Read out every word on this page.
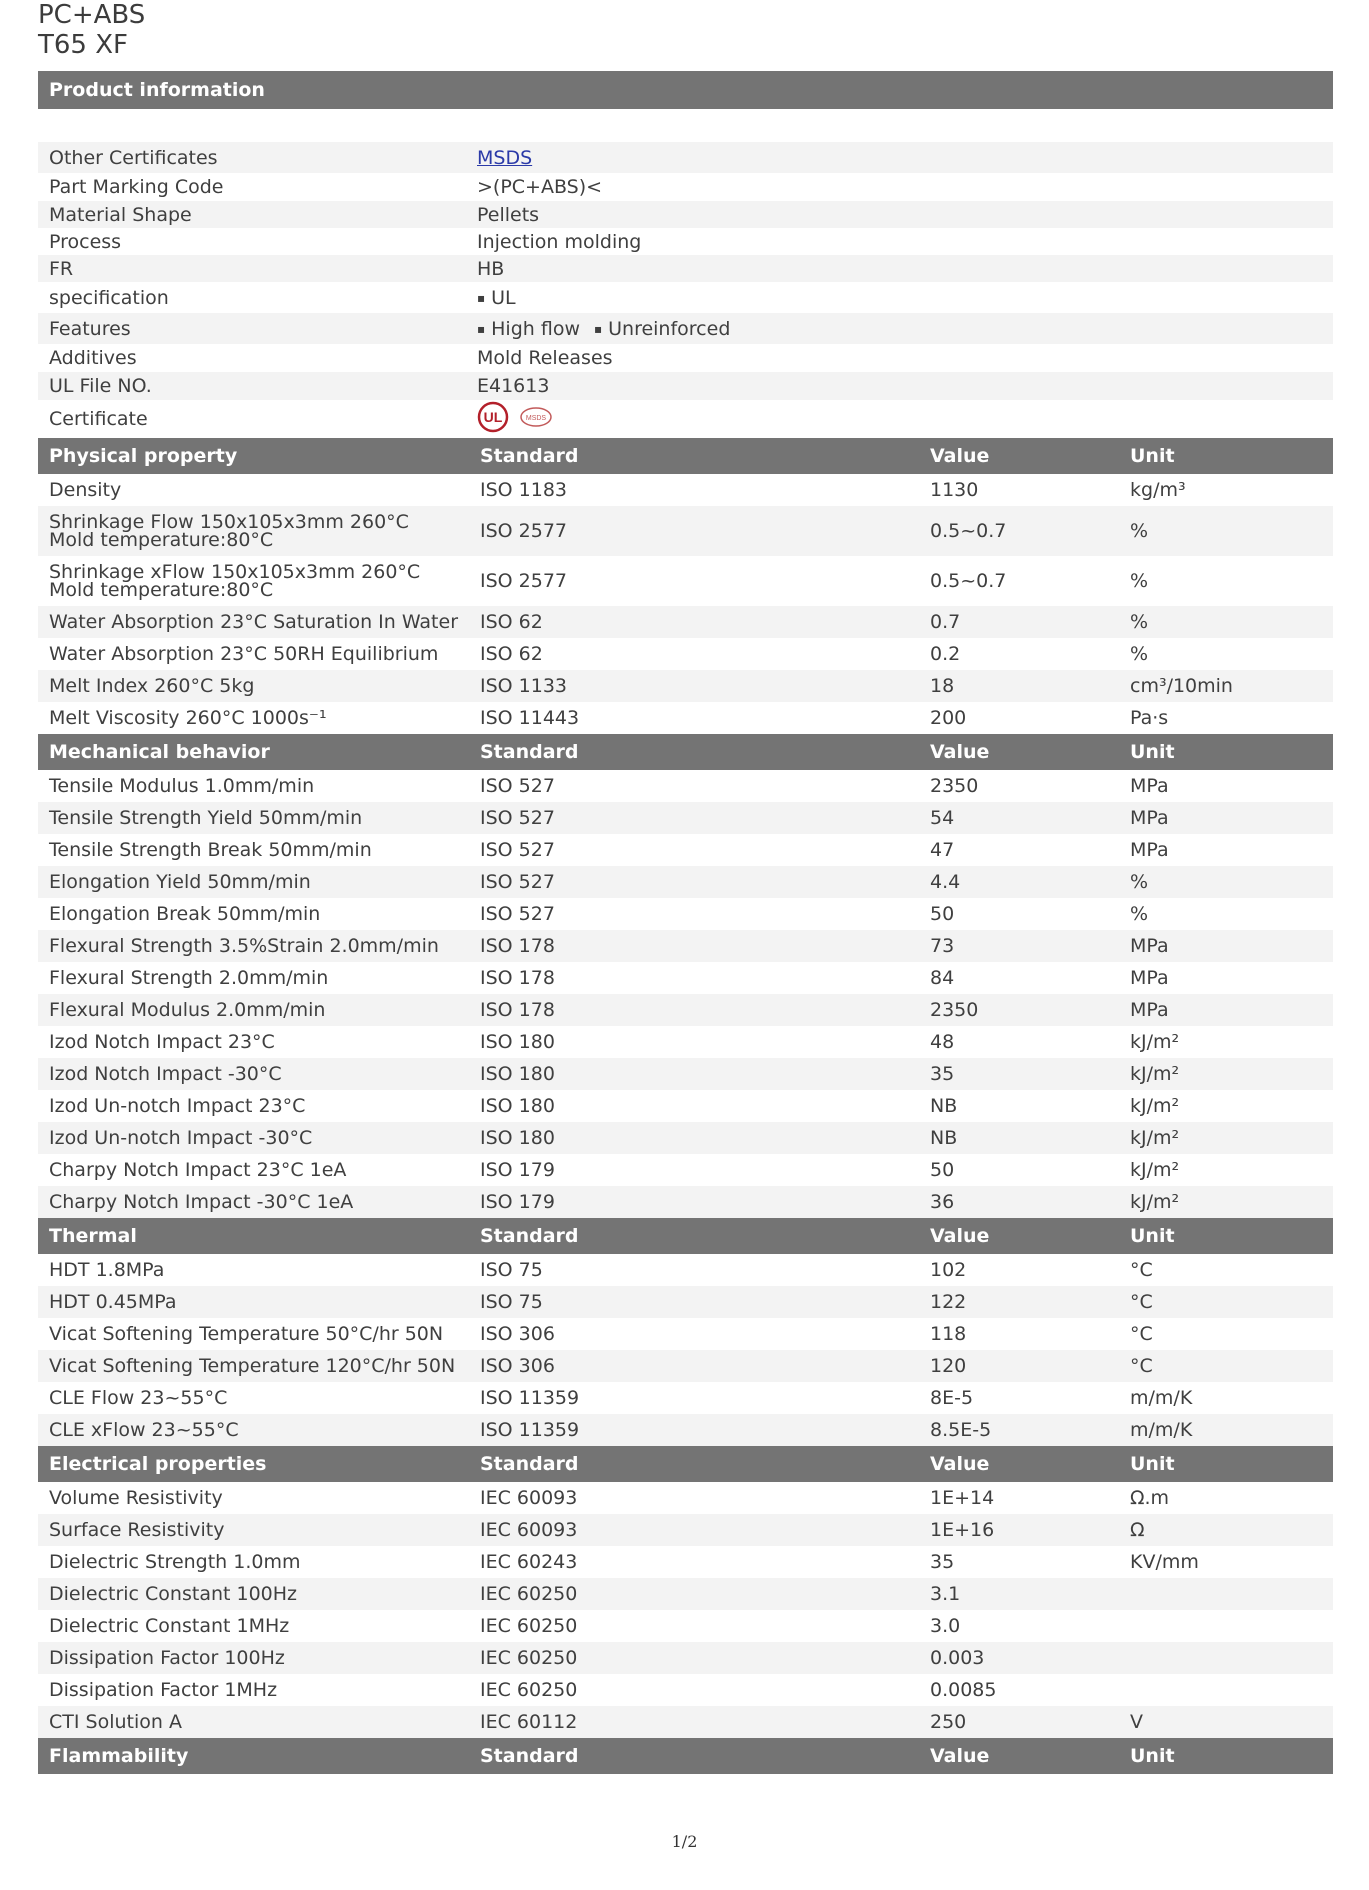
PC+ABS
T65 XF
Product information
Other Certificates	MSDS
Part Marking Code	>(PC+ABS)<
Material Shape	Pellets
Process	Injection molding
FR	HB
specification	▪ UL
Features	▪ High flow ▪ Unreinforced
Additives	Mold Releases
UL File NO.	E41613
Certificate	UL	MSDS
Physical property	Standard	Value	Unit
Density	ISO 1183	1130	kg/m³
Shrinkage Flow 150x105x3mm 260°C Mold temperature:80°C	ISO 2577	0.5~0.7	%
Shrinkage xFlow 150x105x3mm 260°C Mold temperature:80°C	ISO 2577	0.5~0.7	%
Water Absorption 23°C Saturation In Water	ISO 62	0.7	%
Water Absorption 23°C 50RH Equilibrium	ISO 62	0.2	%
Melt Index 260°C 5kg	ISO 1133	18	cm³/10min
Melt Viscosity 260°C 1000s⁻¹	ISO 11443	200	Pa·s
Mechanical behavior	Standard	Value	Unit
Tensile Modulus 1.0mm/min	ISO 527	2350	MPa
Tensile Strength Yield 50mm/min	ISO 527	54	MPa
Tensile Strength Break 50mm/min	ISO 527	47	MPa
Elongation Yield 50mm/min	ISO 527	4.4	%
Elongation Break 50mm/min	ISO 527	50	%
Flexural Strength 3.5%Strain 2.0mm/min	ISO 178	73	MPa
Flexural Strength 2.0mm/min	ISO 178	84	MPa
Flexural Modulus 2.0mm/min	ISO 178	2350	MPa
Izod Notch Impact 23°C	ISO 180	48	kJ/m²
Izod Notch Impact -30°C	ISO 180	35	kJ/m²
Izod Un-notch Impact 23°C	ISO 180	NB	kJ/m²
Izod Un-notch Impact -30°C	ISO 180	NB	kJ/m²
Charpy Notch Impact 23°C 1eA	ISO 179	50	kJ/m²
Charpy Notch Impact -30°C 1eA	ISO 179	36	kJ/m²
Thermal	Standard	Value	Unit
HDT 1.8MPa	ISO 75	102	°C
HDT 0.45MPa	ISO 75	122	°C
Vicat Softening Temperature 50°C/hr 50N	ISO 306	118	°C
Vicat Softening Temperature 120°C/hr 50N	ISO 306	120	°C
CLE Flow 23~55°C	ISO 11359	8E-5	m/m/K
CLE xFlow 23~55°C	ISO 11359	8.5E-5	m/m/K
Electrical properties	Standard	Value	Unit
Volume Resistivity	IEC 60093	1E+14	Ω.m
Surface Resistivity	IEC 60093	1E+16	Ω
Dielectric Strength 1.0mm	IEC 60243	35	KV/mm
Dielectric Constant 100Hz	IEC 60250	3.1
Dielectric Constant 1MHz	IEC 60250	3.0
Dissipation Factor 100Hz	IEC 60250	0.003
Dissipation Factor 1MHz	IEC 60250	0.0085
CTI Solution A	IEC 60112	250	V
Flammability	Standard	Value	Unit
1/2
